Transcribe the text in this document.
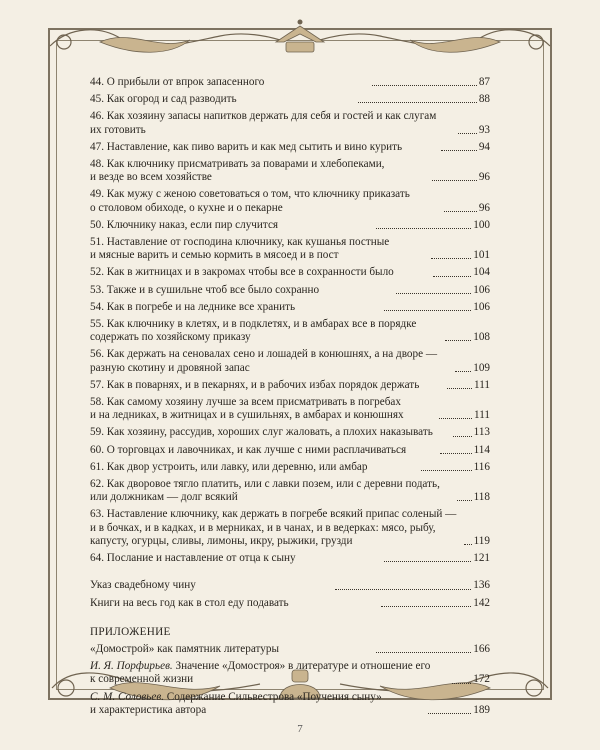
44. О прибыли от впрок запасенного	87
45. Как огород и сад разводить	88
46. Как хозяину запасы напитков держать для себя и гостей и как слугам
их готовить	93
47. Наставление, как пиво варить и как мед сытить и вино курить	94
48. Как ключнику присматривать за поварами и хлебопеками,
и везде во всем хозяйстве	96
49. Как мужу с женою советоваться о том, что ключнику приказать
о столовом обиходе, о кухне и о пекарне	96
50. Ключнику наказ, если пир случится	100
51. Наставление от господина ключнику, как кушанья постные
и мясные варить и семью кормить в мясоед и в пост	101
52. Как в житницах и в закромах чтобы все в сохранности было	104
53. Также и в сушильне чтоб все было сохранно	106
54. Как в погребе и на леднике все хранить	106
55. Как ключнику в клетях, и в подклетях, и в амбарах все в порядке
содержать по хозяйскому приказу	108
56. Как держать на сеновалах сено и лошадей в конюшнях, а на дворе —
разную скотину и дровяной запас	109
57. Как в поварнях, и в пекарнях, и в рабочих избах порядок держать	111
58. Как самому хозяину лучше за всем присматривать в погребах
и на ледниках, в житницах и в сушильнях, в амбарах и конюшнях	111
59. Как хозяину, рассудив, хороших слуг жаловать, а плохих наказывать	113
60. О торговцах и лавочниках, и как лучше с ними расплачиваться	114
61. Как двор устроить, или лавку, или деревню, или амбар	116
62. Как дворовое тягло платить, или с лавки позем, или с деревни подать,
или должникам — долг всякий	118
63. Наставление ключнику, как держать в погребе всякий припас соленый —
и в бочках, и в кадках, и в мерниках, и в чанах, и в ведерках: мясо, рыбу,
капусту, огурцы, сливы, лимоны, икру, рыжики, грузди	119
64. Послание и наставление от отца к сыну	121
Указ свадебному чину	136
Книги на весь год как в стол еду подавать	142
ПРИЛОЖЕНИЕ
«Домострой» как памятник литературы	166
И. Я. Порфирьев. Значение «Домостроя» в литературе и отношение его
к современной жизни	172
С. М. Соловьев. Содержание Сильвестрова «Поучения сыну»
и характеристика автора	189
7
